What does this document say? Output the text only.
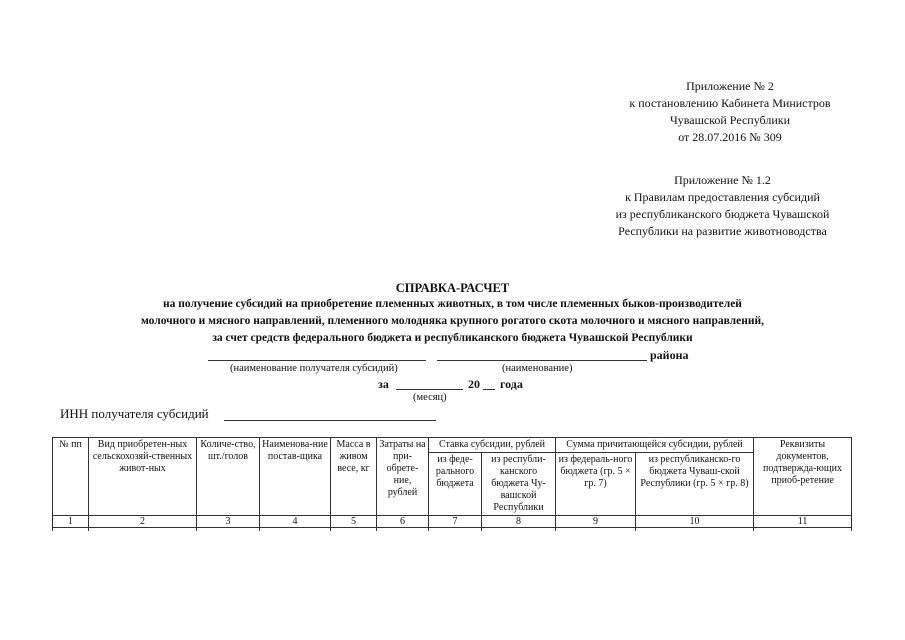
Приложение № 2
к постановлению Кабинета Министров
Чувашской Республики
от 28.07.2016 № 309
Приложение № 1.2
к Правилам предоставления субсидий
из республиканского бюджета Чувашской
Республики на развитие животноводства
СПРАВКА-РАСЧЕТ
на получение субсидий на приобретение племенных животных, в том числе племенных быков-производителей
молочного и мясного направлений, племенного молодняка крупного рогатого скота молочного и мясного направлений,
за счет средств федерального бюджета и республиканского бюджета Чувашской Республики
района
(наименование получателя субсидий)	(наименование)
за	20 года
(месяц)
ИНН получателя субсидий
№ пп	Вид приобретен-ных сельскохозяй-ственных живот-ных	Количе-ство, шт./голов	Наименова-ние постав-щика	Масса в живом весе, кг	Затраты на при-обрете-ние, рублей	Ставка субсидии, рублей		Сумма причитающейся субсидии, рублей		Реквизиты документов, подтвержда-ющих приоб-ретение
						из феде-рального бюджета	из республи-канского бюджета Чу-вашской Республики	из федераль-ного бюджета (гр. 5 × гр. 7)	из республиканско-го бюджета Чуваш-ской Республики (гр. 5 × гр. 8)	
1	2	3	4	5	6	7	8	9	10	11
